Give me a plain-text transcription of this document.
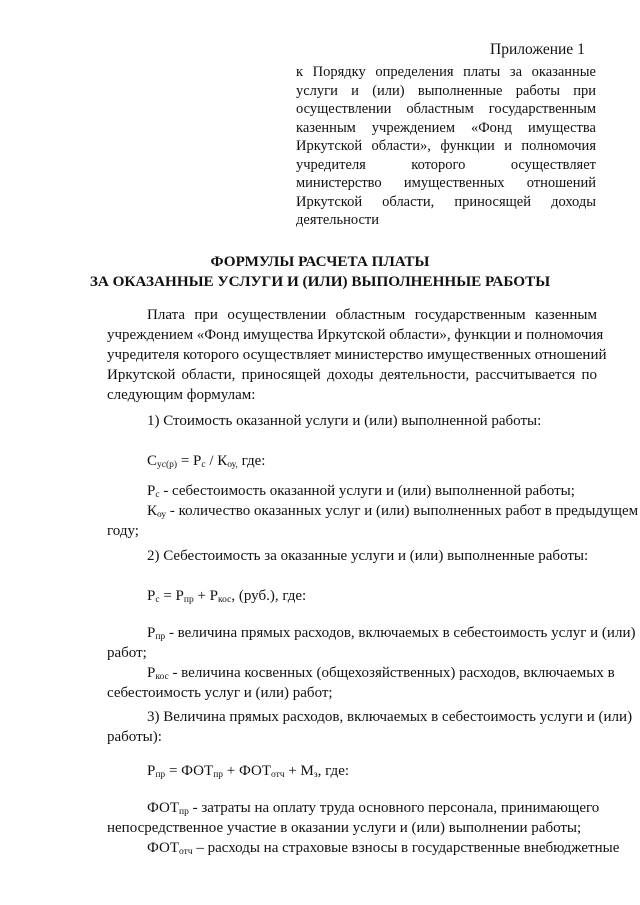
Приложение 1
к Порядку определения платы за оказанные
услуги и (или) выполненные работы при
осуществлении областным государственным
казенным учреждением «Фонд имущества
Иркутской области», функции и полномочия
учредителя которого осуществляет
министерство имущественных отношений
Иркутской области, приносящей доходы
деятельности
ФОРМУЛЫ РАСЧЕТА ПЛАТЫ
ЗА ОКАЗАННЫЕ УСЛУГИ И (ИЛИ) ВЫПОЛНЕННЫЕ РАБОТЫ
Плата при осуществлении областным государственным казенным
учреждением «Фонд имущества Иркутской области», функции и полномочия
учредителя которого осуществляет министерство имущественных отношений
Иркутской области, приносящей доходы деятельности, рассчитывается по
следующим формулам:
1) Стоимость оказанной услуги и (или) выполненной работы:
$С_{ус(р)} = Р_с / К_{оу,}$ где:
$Р_с$ - себестоимость оказанной услуги и (или) выполненной работы;
$К_{оу}$ - количество оказанных услуг и (или) выполненных работ в предыдущем
году;
2) Себестоимость за оказанные услуги и (или) выполненные работы:
$Р_с = Р_{пр} + Р_{кос}$, (руб.), где:
$Р_{пр}$ - величина прямых расходов, включаемых в себестоимость услуг и (или)
работ;
$Р_{кос}$ - величина косвенных (общехозяйственных) расходов, включаемых в
себестоимость услуг и (или) работ;
3) Величина прямых расходов, включаемых в себестоимость услуги и (или)
работы):
$Р_{пр} = ФОТ_{пр} + ФОТ_{отч} + М_з$, где:
$ФОТ_{пр}$ - затраты на оплату труда основного персонала, принимающего
непосредственное участие в оказании услуги и (или) выполнении работы;
$ФОТ_{отч}$ – расходы на страховые взносы в государственные внебюджетные
